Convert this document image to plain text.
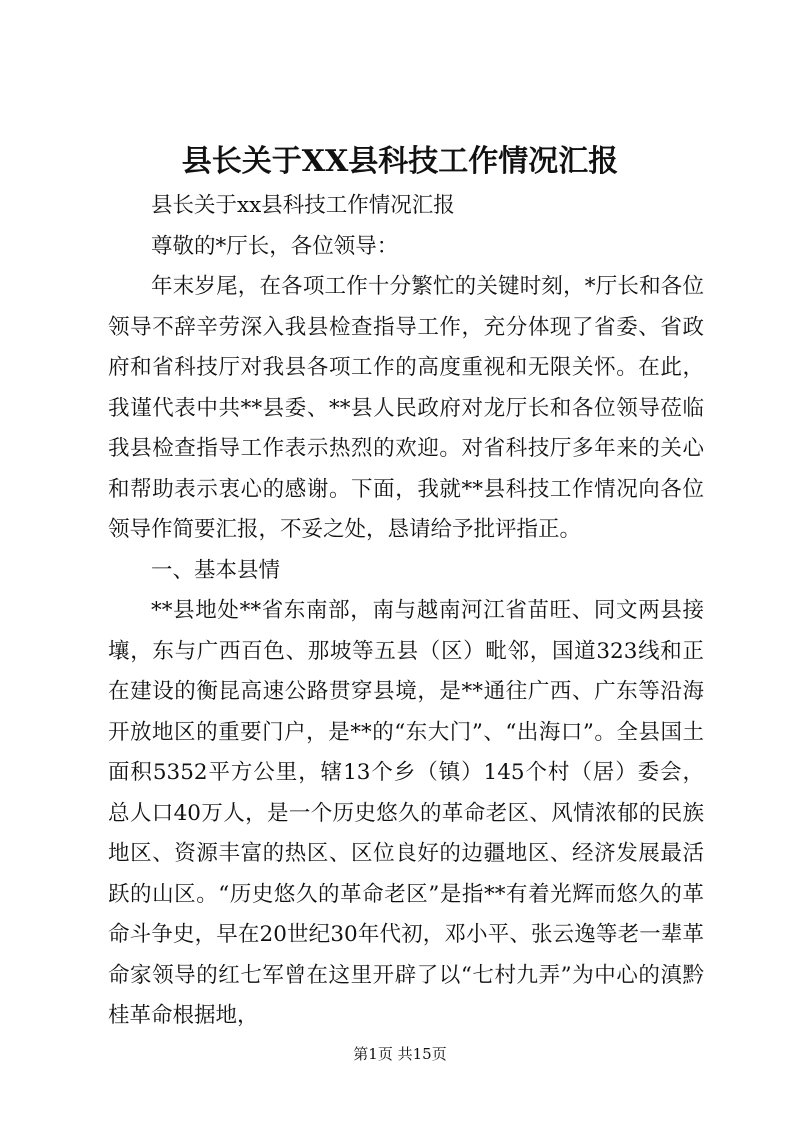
县长关于XX县科技工作情况汇报

县长关于xx县科技工作情况汇报

尊敬的*厅长，各位领导：

年末岁尾，在各项工作十分繁忙的关键时刻，*厅长和各位领导不辞辛劳深入我县检查指导工作，充分体现了省委、省政府和省科技厅对我县各项工作的高度重视和无限关怀。在此，我谨代表中共**县委、**县人民政府对龙厅长和各位领导莅临我县检查指导工作表示热烈的欢迎。对省科技厅多年来的关心和帮助表示衷心的感谢。下面，我就**县科技工作情况向各位领导作简要汇报，不妥之处，恳请给予批评指正。

一、基本县情

**县地处**省东南部，南与越南河江省苗旺、同文两县接壤，东与广西百色、那坡等五县（区）毗邻，国道323线和正在建设的衡昆高速公路贯穿县境，是**通往广西、广东等沿海开放地区的重要门户，是**的“东大门”、“出海口”。全县国土面积5352平方公里，辖13个乡（镇）145个村（居）委会，总人口40万人，是一个历史悠久的革命老区、风情浓郁的民族地区、资源丰富的热区、区位良好的边疆地区、经济发展最活跃的山区。“历史悠久的革命老区”是指**有着光辉而悠久的革命斗争史，早在20世纪30年代初，邓小平、张云逸等老一辈革命家领导的红七军曾在这里开辟了以“七村九弄”为中心的滇黔桂革命根据地，

第1页 共15页
